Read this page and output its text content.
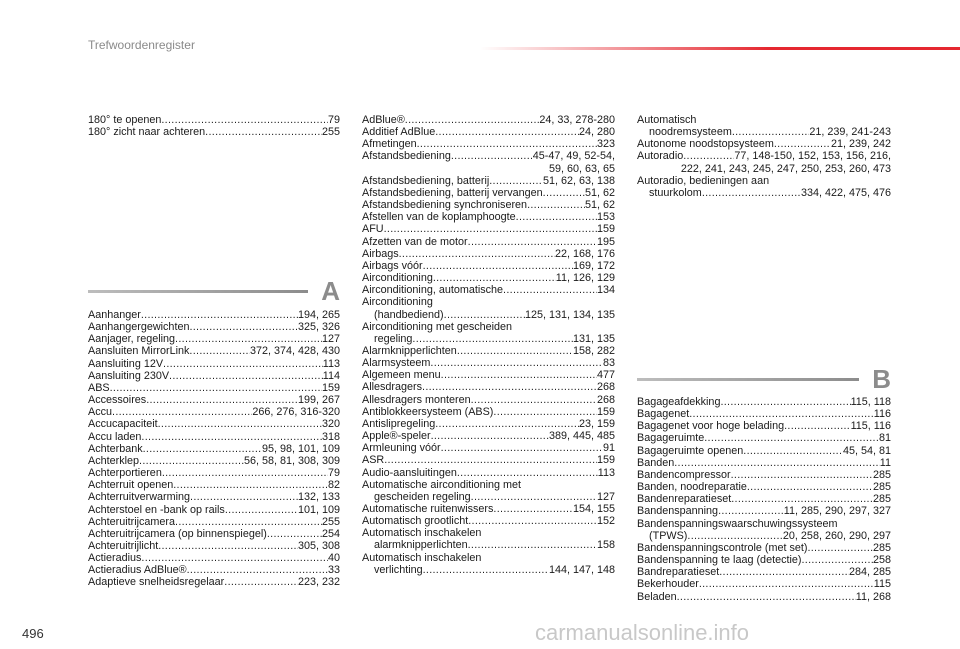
Trefwoordenregister
180° te openen .....	79
180° zicht naar achteren .....	255
A
Aanhanger .....	194, 265
Aanhangergewichten .....	325, 326
Aanjager, regeling .....	127
Aansluiten MirrorLink .....	372, 374, 428, 430
Aansluiting 12V .....	113
Aansluiting 230V .....	114
ABS .....	159
Accessoires .....	199, 267
Accu .....	266, 276, 316-320
Accucapaciteit .....	320
Accu laden .....	318
Achterbank .....	95, 98, 101, 109
Achterklep .....	56, 58, 81, 308, 309
Achterportieren .....	79
Achterruit openen .....	82
Achterruitverwarming .....	132, 133
Achterstoel en -bank op rails .....	101, 109
Achteruitrijcamera .....	255
Achteruitrijcamera (op binnenspiegel) .....	254
Achteruitrijlicht .....	305, 308
Actieradius .....	40
Actieradius AdBlue® .....	33
Adaptieve snelheidsregelaar .....	223, 232
AdBlue® .....	24, 33, 278-280
Additief AdBlue .....	24, 280
Afmetingen .....	323
Afstandsbediening .....	45-47, 49, 52-54,
59, 60, 63, 65
Afstandsbediening, batterij .....	51, 62, 63, 138
Afstandsbediening, batterij vervangen .....	51, 62
Afstandsbediening synchroniseren .....	51, 62
Afstellen van de koplamphoogte .....	153
AFU .....	159
Afzetten van de motor .....	195
Airbags .....	22, 168, 176
Airbags vóór .....	169, 172
Airconditioning .....	11, 126, 129
Airconditioning, automatische .....	134
Airconditioning
(handbediend) .....	125, 131, 134, 135
Airconditioning met gescheiden
regeling .....	131, 135
Alarmknipperlichten .....	158, 282
Alarmsysteem .....	83
Algemeen menu .....	477
Allesdragers .....	268
Allesdragers monteren .....	268
Antiblokkeersysteem (ABS) .....	159
Antislipregeling .....	23, 159
Apple®-speler .....	389, 445, 485
Armleuning vóór .....	91
ASR .....	159
Audio-aansluitingen .....	113
Automatische airconditioning met
gescheiden regeling .....	127
Automatische ruitenwissers .....	154, 155
Automatisch grootlicht .....	152
Automatisch inschakelen
alarmknipperlichten .....	158
Automatisch inschakelen
verlichting .....	144, 147, 148
Automatisch
noodremsysteem .....	21, 239, 241-243
Autonome noodstopsysteem .....	21, 239, 242
Autoradio .....	77, 148-150, 152, 153, 156, 216,
222, 241, 243, 245, 247, 250, 253, 260, 473
Autoradio, bedieningen aan
stuurkolom .....	334, 422, 475, 476
B
Bagageafdekking .....	115, 118
Bagagenet .....	116
Bagagenet voor hoge belading .....	115, 116
Bagageruimte .....	81
Bagageruimte openen .....	45, 54, 81
Banden .....	11
Bandencompressor .....	285
Banden, noodreparatie .....	285
Bandenreparatieset .....	285
Bandenspanning .....	11, 285, 290, 297, 327
Bandenspanningswaarschuwingssysteem
(TPWS) .....	20, 258, 260, 290, 297
Bandenspanningscontrole (met set) .....	285
Bandenspanning te laag (detectie) .....	258
Bandreparatieset .....	284, 285
Bekerhouder .....	115
Beladen .....	11, 268
496	carmanualsonline.info
